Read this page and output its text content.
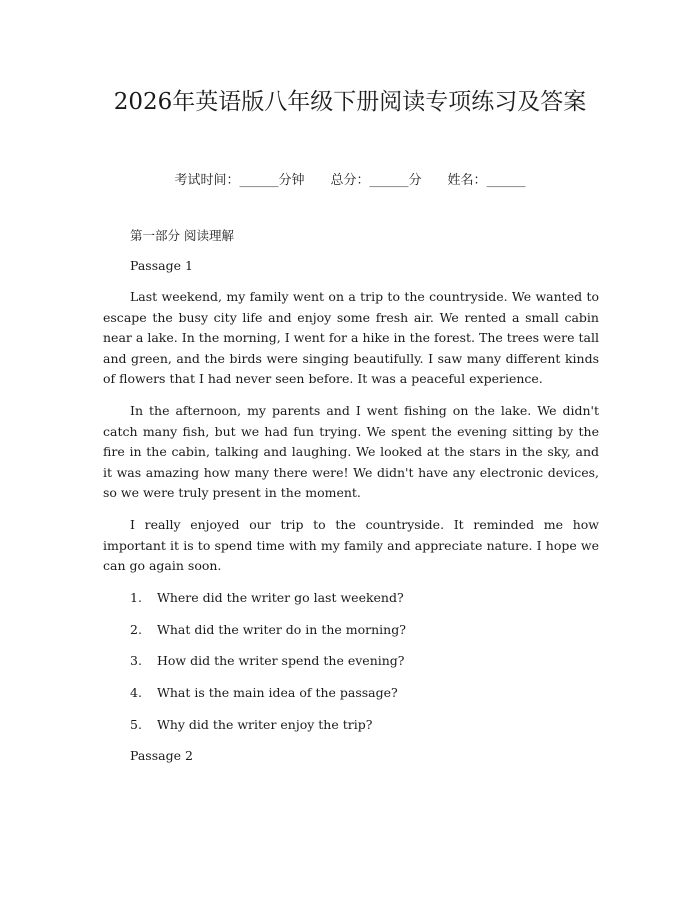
2026年英语版八年级下册阅读专项练习及答案
考试时间：______分钟 总分：______分 姓名：______
第一部分 阅读理解
Passage 1

Last weekend, my family went on a trip to the countryside. We wanted to escape the busy city life and enjoy some fresh air. We rented a small cabin near a lake. In the morning, I went for a hike in the forest. The trees were tall and green, and the birds were singing beautifully. I saw many different kinds of flowers that I had never seen before. It was a peaceful experience.

In the afternoon, my parents and I went fishing on the lake. We didn't catch many fish, but we had fun trying. We spent the evening sitting by the fire in the cabin, talking and laughing. We looked at the stars in the sky, and it was amazing how many there were! We didn't have any electronic devices, so we were truly present in the moment.

I really enjoyed our trip to the countryside. It reminded me how important it is to spend time with my family and appreciate nature. I hope we can go again soon.

1. Where did the writer go last weekend?
2. What did the writer do in the morning?
3. How did the writer spend the evening?
4. What is the main idea of the passage?
5. Why did the writer enjoy the trip?
Passage 2
